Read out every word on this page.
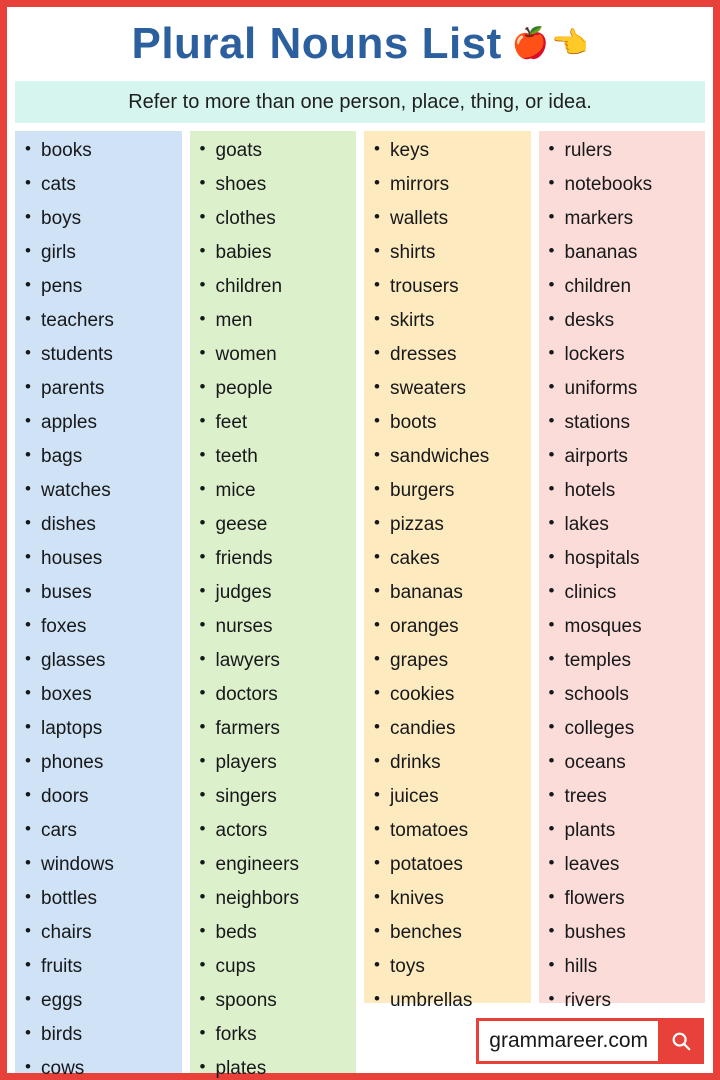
Plural Nouns List 🍎 👈
Refer to more than one person, place, thing, or idea.
• books
• cats
• boys
• girls
• pens
• teachers
• students
• parents
• apples
• bags
• watches
• dishes
• houses
• buses
• foxes
• glasses
• boxes
• laptops
• phones
• doors
• cars
• windows
• bottles
• chairs
• fruits
• eggs
• birds
• cows
• goats
• shoes
• clothes
• babies
• children
• men
• women
• people
• feet
• teeth
• mice
• geese
• friends
• judges
• nurses
• lawyers
• doctors
• farmers
• players
• singers
• actors
• engineers
• neighbors
• beds
• cups
• spoons
• forks
• plates
• keys
• mirrors
• wallets
• shirts
• trousers
• skirts
• dresses
• sweaters
• boots
• sandwiches
• burgers
• pizzas
• cakes
• bananas
• oranges
• grapes
• cookies
• candies
• drinks
• juices
• tomatoes
• potatoes
• knives
• benches
• toys
• umbrellas
• rulers
• notebooks
• markers
• bananas
• children
• desks
• lockers
• uniforms
• stations
• airports
• hotels
• lakes
• hospitals
• clinics
• mosques
• temples
• schools
• colleges
• oceans
• trees
• plants
• leaves
• flowers
• bushes
• hills
• rivers
grammareer.com
